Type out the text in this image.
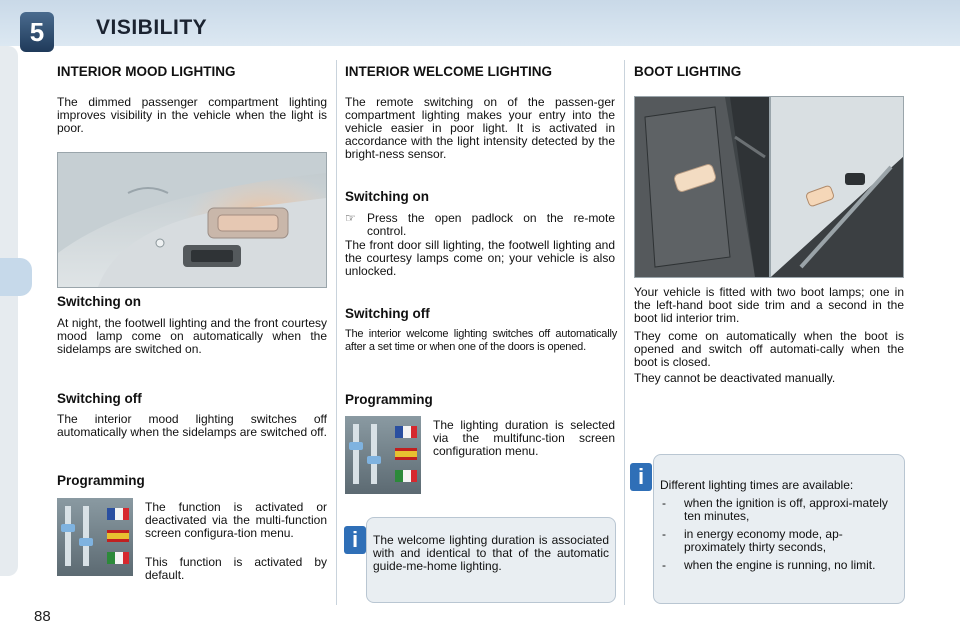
5	VISIBILITY
INTERIOR MOOD LIGHTING

The dimmed passenger compartment lighting improves visibility in the vehicle when the light is poor.

Switching on

At night, the footwell lighting and the front courtesy mood lamp come on automatically when the sidelamps are switched on.

Switching off

The interior mood lighting switches off automatically when the sidelamps are switched off.

Programming

The function is activated or deactivated via the multi-function screen configura-tion menu.

This function is activated by default.

INTERIOR WELCOME LIGHTING

The remote switching on of the passen-ger compartment lighting makes your entry into the vehicle easier in poor light. It is activated in accordance with the light intensity detected by the bright-ness sensor.

Switching on
☞ Press the open padlock on the re-mote control.

The front door sill lighting, the footwell lighting and the courtesy lamps come on; your vehicle is also unlocked.

Switching off

The interior welcome lighting switches off automatically after a set time or when one of the doors is opened.

Programming

The lighting duration is selected via the multifunc-tion screen configuration menu.

The welcome lighting duration is associated with and identical to that of the automatic guide-me-home lighting.

i
BOOT LIGHTING

Your vehicle is fitted with two boot lamps; one in the left-hand boot side trim and a second in the boot lid interior trim.

They come on automatically when the boot is opened and switch off automati-cally when the boot is closed.

They cannot be deactivated manually.

Different lighting times are available:

-	when the ignition is off, approxi-mately ten minutes,
-	in energy economy mode, ap-proximately thirty seconds,
-	when the engine is running, no limit.
i
88
